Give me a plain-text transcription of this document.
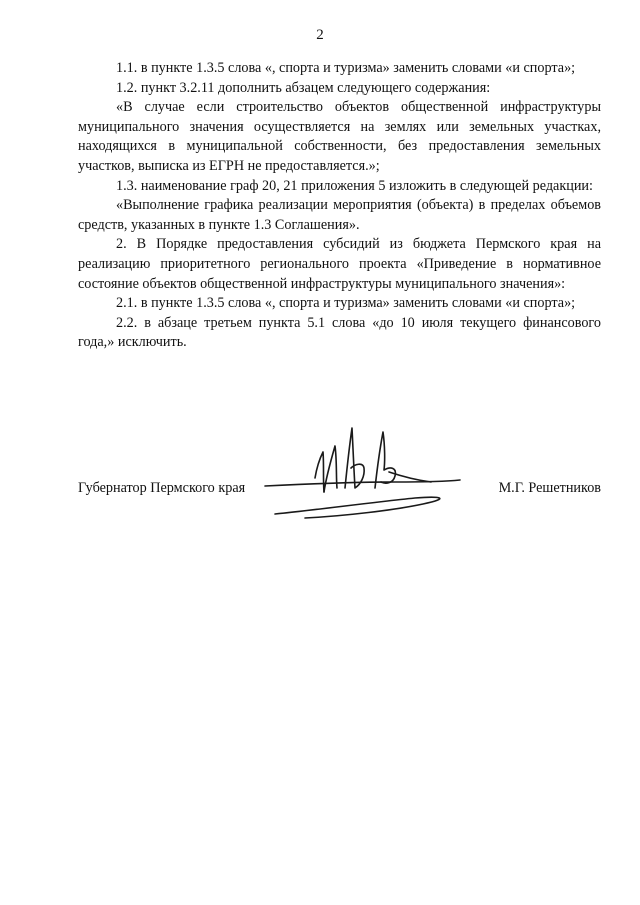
2

1.1. в пункте 1.3.5 слова «, спорта и туризма» заменить словами «и спорта»;

1.2. пункт 3.2.11 дополнить абзацем следующего содержания:

«В случае если строительство объектов общественной инфраструктуры муниципального значения осуществляется на землях или земельных участках, находящихся в муниципальной собственности, без предоставления земельных участков, выписка из ЕГРН не предоставляется.»;

1.3. наименование граф 20, 21 приложения 5 изложить в следующей редакции:

«Выполнение графика реализации мероприятия (объекта) в пределах объемов средств, указанных в пункте 1.3 Соглашения».

2. В Порядке предоставления субсидий из бюджета Пермского края на реализацию приоритетного регионального проекта «Приведение в нормативное состояние объектов общественной инфраструктуры муниципального значения»:

2.1. в пункте 1.3.5 слова «, спорта и туризма» заменить словами «и спорта»;

2.2. в абзаце третьем пункта 5.1 слова «до 10 июля текущего финансового года,» исключить.

Губернатор Пермского края	М.Г. Решетников
